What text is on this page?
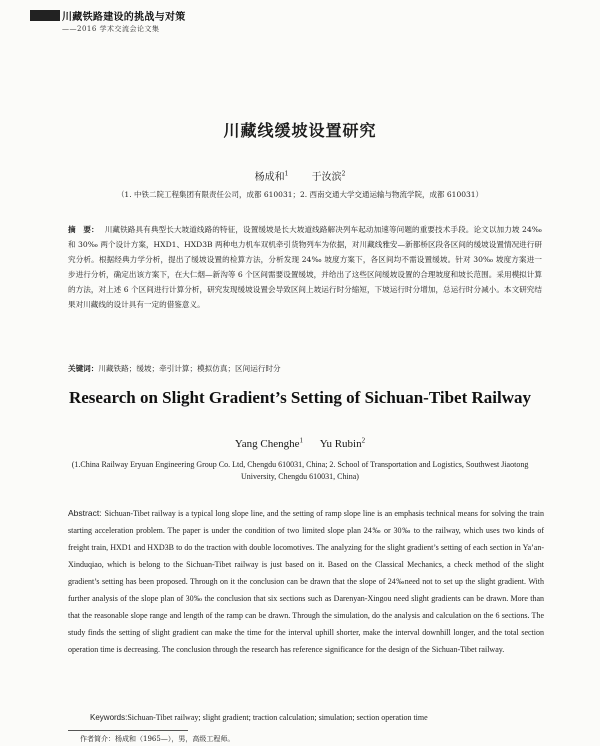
川藏铁路建设的挑战与对策
——2016 学术交流会论文集
川藏线缓坡设置研究
杨成和$^1$ 于汝滨$^2$
（1. 中铁二院工程集团有限责任公司，成都 610031；2. 西南交通大学交通运输与物流学院，成都 610031）
摘　要： 川藏铁路具有典型长大坡道线路的特征，设置缓坡是长大坡道线路解决列车起动加速等问题的重要技术手段。论文以加力坡 24‰ 和 30‰ 两个设计方案，HXD1、HXD3B 两种电力机车双机牵引货物列车为依据，对川藏线雅安—新都桥区段各区间的缓坡设置情况进行研究分析。根据经典力学分析，提出了缓坡设置的检算方法，分析发现 24‰ 坡度方案下，各区间均不需设置缓坡。针对 30‰ 坡度方案进一步进行分析，确定出该方案下，在大仁烟—新沟等 6 个区间需要设置缓坡，并给出了这些区间缓坡设置的合理坡度和坡长范围。采用模拟计算的方法，对上述 6 个区间进行计算分析，研究发现缓坡设置会导致区间上坡运行时分缩短，下坡运行时分增加，总运行时分减小。本文研究结果对川藏线的设计具有一定的借鉴意义。
关键词：川藏铁路；缓坡；牵引计算；模拟仿真；区间运行时分
Research on Slight Gradient’s Setting of Sichuan-Tibet Railway
Yang Chenghe$^1$ Yu Rubin$^2$
(1.China Railway Eryuan Engineering Group Co. Ltd, Chengdu 610031, China; 2. School of Transportation and Logistics, Southwest Jiaotong University, Chengdu 610031, China)
Abstract: Sichuan-Tibet railway is a typical long slope line, and the setting of ramp slope line is an emphasis technical means for solving the train starting acceleration problem. The paper is under the condition of two limited slope plan 24‰ or 30‰ to the railway, which uses two kinds of freight train, HXD1 and HXD3B to do the traction with double locomotives. The analyzing for the slight gradient’s setting of each section in Ya’an-Xinduqiao, which is belong to the Sichuan-Tibet railway is just based on it. Based on the Classical Mechanics, a check method of the slight gradient’s setting has been proposed. Through on it the conclusion can be drawn that the slope of 24‰need not to set up the slight gradient. With further analysis of the slope plan of 30‰ the conclusion that six sections such as Darenyan-Xingou need slight gradients can be drawn. More than that the reasonable slope range and length of the ramp can be drawn. Through the simulation, do the analysis and calculation on the 6 sections. The study finds the setting of slight gradient can make the time for the interval uphill shorter, make the interval downhill longer, and the total section operation time is decreasing. The conclusion through the research has reference significance for the design of the Sichuan-Tibet railway.
Keywords:Sichuan-Tibet railway; slight gradient; traction calculation; simulation; section operation time
作者简介：杨成和（1965—），男，高级工程师。
